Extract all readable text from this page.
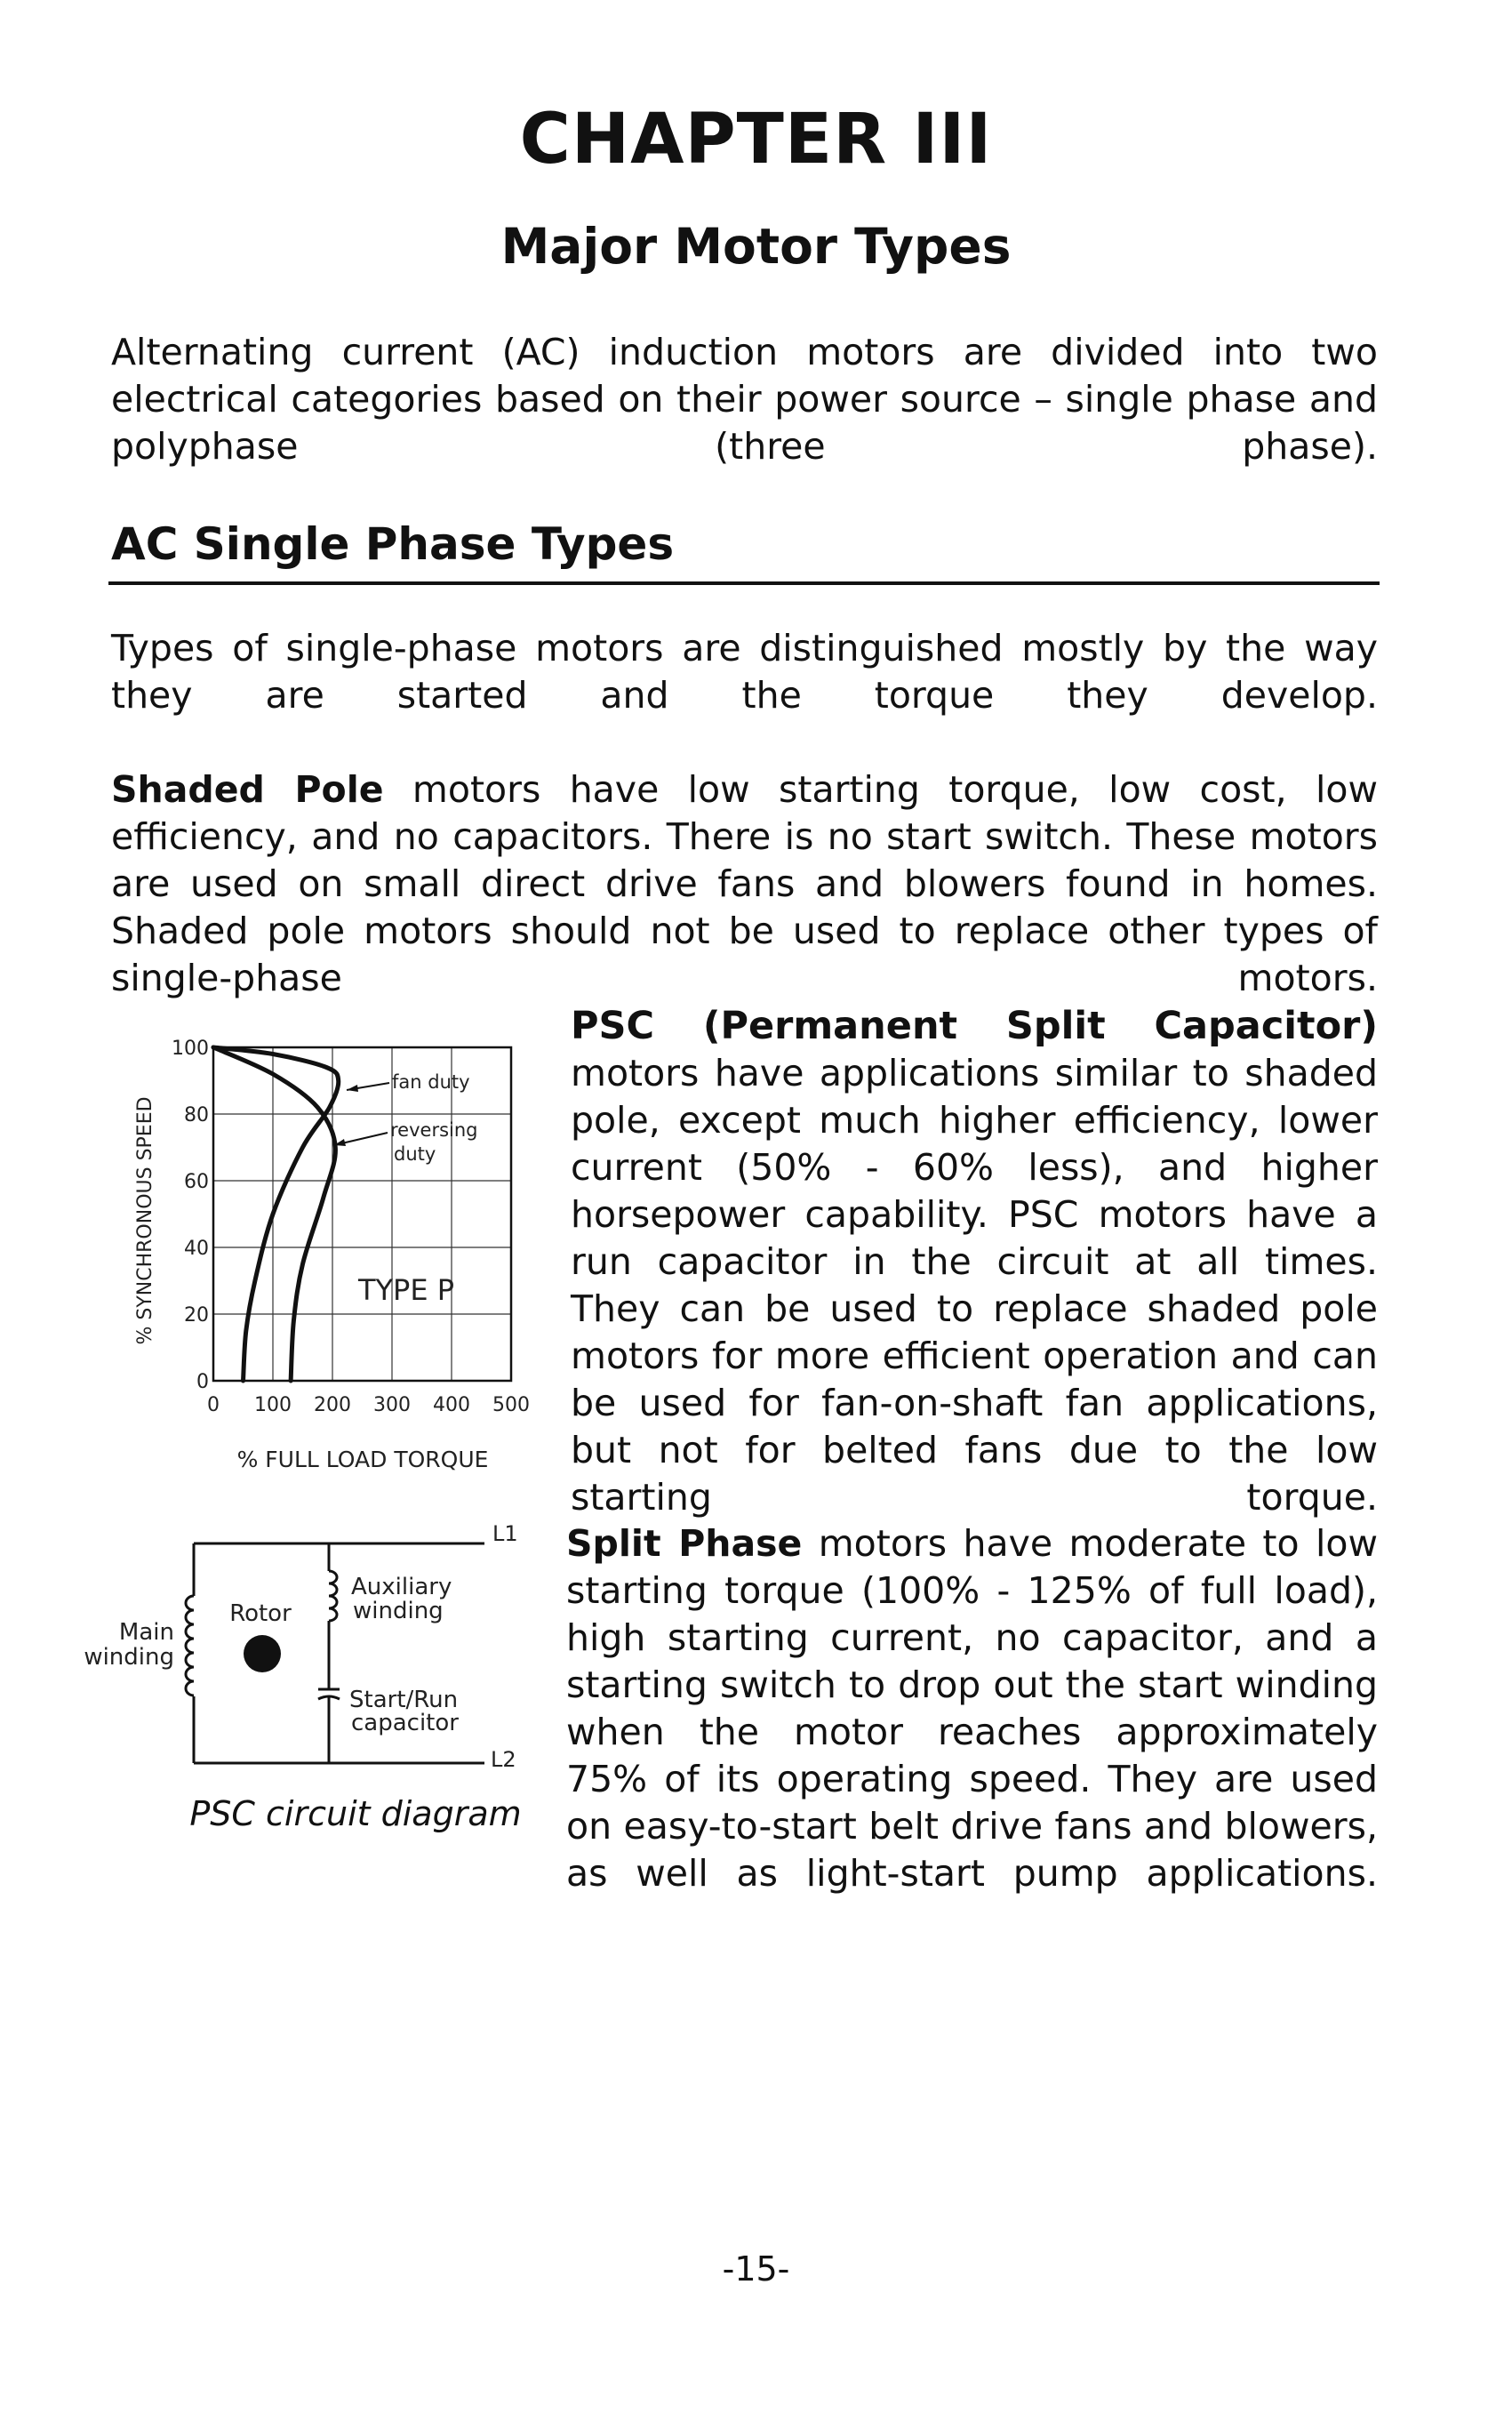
CHAPTER III
Major Motor Types
Alternating current (AC) induction motors are divided into two electrical categories based on their power source – single phase and polyphase (three phase).
AC Single Phase Types
Types of single-phase motors are distinguished mostly by the way they are started and the torque they develop.
Shaded Pole motors have low starting torque, low cost, low efficiency, and no capacitors. There is no start switch. These motors are used on small direct drive fans and blowers found in homes. Shaded pole motors should not be used to replace other types of single-phase motors.
0
20
40
60
80
100
0 100 200 300 400 500
% SYNCHRONOUS SPEED
% FULL LOAD TORQUE
TYPE P
fan duty
reversing
duty
PSC (Permanent Split Capacitor) motors have applications similar to shaded pole, except much higher efficiency, lower current (50% - 60% less), and higher horsepower capability. PSC motors have a run capacitor in the circuit at all times. They can be used to replace shaded pole motors for more efficient operation and can be used for fan-on-shaft fan applications, but not for belted fans due to the low starting torque.
L1
L2
Main
winding
Rotor
Auxiliary
winding
Start/Run
capacitor
PSC circuit diagram
Split Phase motors have moderate to low starting torque (100% - 125% of full load), high starting current, no capacitor, and a starting switch to drop out the start winding when the motor reaches approximately 75% of its operating speed. They are used on easy-to-start belt drive fans and blowers, as well as light-start pump applications.
-15-
